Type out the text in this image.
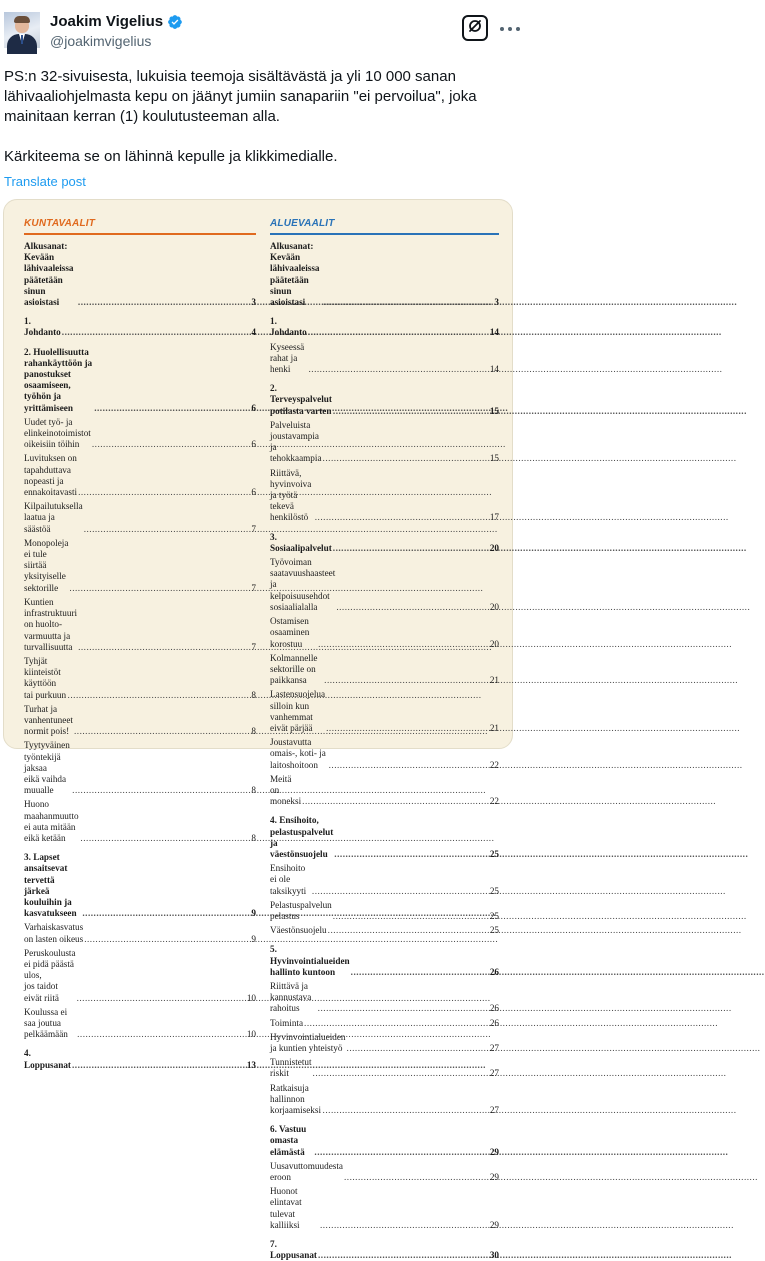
Joakim Vigelius
@joakimvigelius
PS:n 32-sivuisesta, lukuisia teemoja sisältävästä ja yli 10 000 sanan lähivaaliohjelmasta kepu on jäänyt jumiin sanapariin "ei pervoilua", joka mainitaan kerran (1) koulutusteeman alla.

Kärkiteema se on lähinnä kepulle ja klikkimedialle.
Translate post
KUNTAVAALIT
Alkusanat: Kevään lähivaaleissa
päätetään sinun asioistasi .....	3
1. Johdanto .....	4
2. Huolellisuutta rahankäyttöön ja panostukset
osaamiseen, työhön ja yrittämiseen .....	6
Uudet työ- ja elinkeinotoimistot
oikeisiin töihin .....	6
Luvituksen on tapahduttava
nopeasti ja ennakoitavasti .....	6
Kilpailutuksella laatua ja säästöä .....	7
Monopoleja ei tule siirtää
yksityiselle sektorille .....	7
Kuntien infrastruktuuri on huolto-
varmuutta ja turvallisuutta .....	7
Tyhjät kiinteistöt käyttöön
tai purkuun .....	8
Turhat ja vanhentuneet
normit pois! .....	8
Tyytyväinen työntekijä jaksaa
eikä vaihda muualle .....	8
Huono maahanmuutto ei auta mitään
eikä ketään .....	8
3. Lapset ansaitsevat tervettä järkeä
kouluihin ja kasvatukseen .....	9
Varhaiskasvatus on lasten oikeus .....	9
Peruskoulusta ei pidä päästä ulos,
jos taidot eivät riitä .....	10
Koulussa ei saa joutua pelkäämään .....	10
4. Loppusanat .....	13
ALUEVAALIT
Alkusanat: Kevään lähivaaleissa
päätetään sinun asioistasi .....	3
1. Johdanto .....	14
Kyseessä rahat ja henki .....	14
2. Terveyspalvelut potilasta varten .....	15
Palveluista joustavampia ja
tehokkaampia .....	15
Riittävä, hyvinvoiva ja työtä
tekevä henkilöstö .....	17
3. Sosiaalipalvelut .....	20
Työvoiman saatavuushaasteet ja
kelpoisuusehdot sosiaalialalla .....	20
Ostamisen osaaminen korostuu .....	20
Kolmannelle sektorille on paikkansa .....	21
Lastensuojelua silloin kun
vanhemmat eivät pärjää .....	21
Joustavutta omais-, koti- ja laitoshoitoon .....	22
Meitä on moneksi .....	22
4. Ensihoito, pelastuspalvelut ja
väestönsuojelu .....	25
Ensihoito ei ole taksikyyti .....	25
Pelastuspalvelun pelastus .....	25
Väestönsuojelu .....	25
5. Hyvinvointialueiden hallinto kuntoon .....	26
Riittävä ja kannustava rahoitus .....	26
Toiminta .....	26
Hyvinvointialueiden ja kuntien yhteistyö .....	27
Tunnistetut riskit .....	27
Ratkaisuja hallinnon korjaamiseksi .....	27
6. Vastuu omasta elämästä .....	29
Uusavuttomuudesta eroon .....	29
Huonot elintavat tulevat kalliiksi .....	29
7. Loppusanat .....	30
